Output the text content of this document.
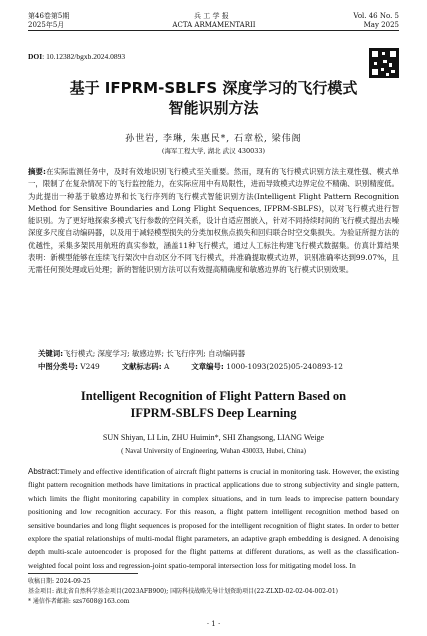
第46卷第5期	兵 工 学 报	Vol. 46 No. 5
2025年5月	ACTA ARMAMENTARII	May 2025
DOI: 10.12382/bgxb.2024.0893
基于 IFPRM-SBLFS 深度学习的飞行模式
智能识别方法
孙世岩, 李琳, 朱惠民*, 石章松, 梁伟阁
(海军工程大学, 湖北 武汉 430033)
摘要:在实际监测任务中，及时有效地识别飞行模式至关重要。然而，现有的飞行模式识别方法主观性强、模式单一，限制了在复杂情况下的飞行监控能力，在实际应用中有局限性，进而导致模式边界定位不精确、识别精度低。为此提出一种基于敏感边界和长飞行序列的飞行模式智能识别方法(Intelligent Flight Pattern Recognition Method for Sensitive Boundaries and Long Flight Sequences, IFPRM-SBLFS)，以对飞行模式进行智能识别。为了更好地探索多模式飞行参数的空间关系，设计自适应图嵌入，针对不同持续时间的飞行模式提出去噪深度多尺度自动编码器，以及用于减轻模型损失的分类加权焦点损失和回归联合时空交集损失。为验证所提方法的优越性，采集多架民用航班的真实参数，涵盖11种飞行模式，通过人工标注构建飞行模式数据集。仿真计算结果表明：新模型能够在连续飞行架次中自动区分不同飞行模式，并准确提取模式边界，识别准确率达到99.07%，且无需任何预处理或后处理；新的智能识别方法可以有效提高精确度和敏感边界的飞行模式识别效果。
关键词:飞行模式; 深度学习; 敏感边界; 长飞行序列; 自动编码器
中图分类号: V249	文献标志码: A	文章编号: 1000-1093(2025)05-240893-12
Intelligent Recognition of Flight Pattern Based on
IFPRM-SBLFS Deep Learning
SUN Shiyan, LI Lin, ZHU Huimin*, SHI Zhangsong, LIANG Weige
( Naval University of Engineering, Wuhan 430033, Hubei, China)
Abstract:Timely and effective identification of aircraft flight patterns is crucial in monitoring task. However, the existing flight pattern recognition methods have limitations in practical applications due to strong subjectivity and single pattern, which limits the flight monitoring capability in complex situations, and in turn leads to imprecise pattern boundary positioning and low recognition accuracy. For this reason, a flight pattern intelligent recognition method based on sensitive boundaries and long flight sequences is proposed for the intelligent recognition of flight states. In order to better explore the spatial relationships of multi-modal flight parameters, an adaptive graph embedding is designed. A denoising depth multi-scale autoencoder is proposed for the flight patterns at different durations, as well as the classification-weighted focal point loss and regression-joint spatio-temporal intersection loss for mitigating model loss. In
收稿日期: 2024-09-25
基金项目: 湖北省自然科学基金项目(2023AFB900); 国防科技战略先导计划资助项目(22-ZLXD-02-02-04-002-01)
* 通信作者邮箱: szs7608@163.com
· 1 ·
